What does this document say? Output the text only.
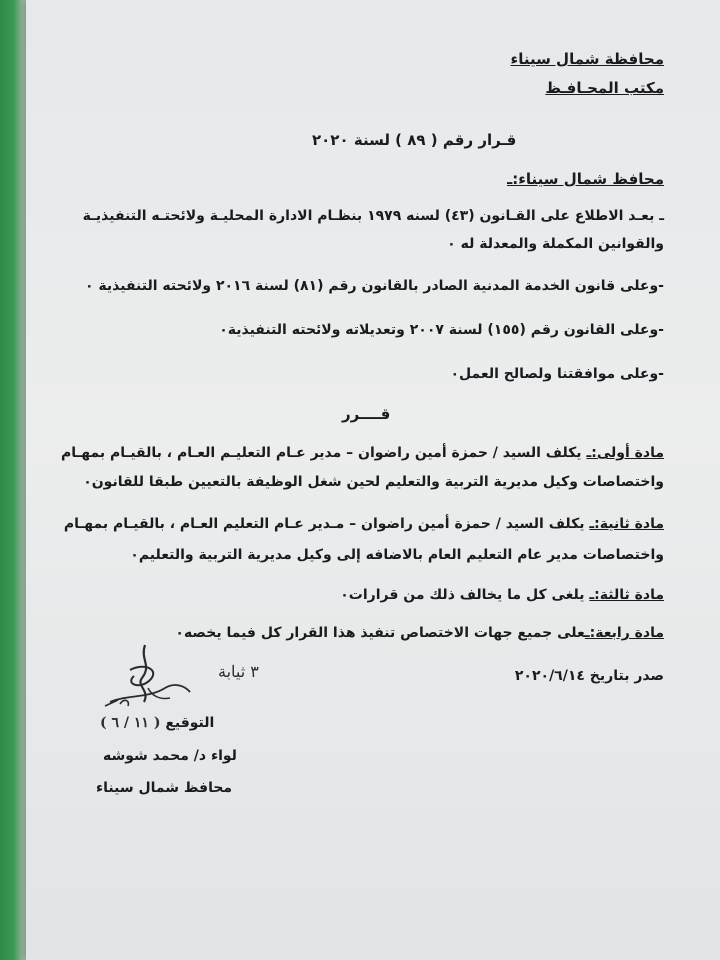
محافظة شمال سيناء
مكتب المحـافـظ
قـرار رقم ( ٨٩ ) لسنة ٢٠٢٠
محافظ شمال سيناء:ـ
ـ بعـد الاطلاع على القـانون (٤٣) لسنه ١٩٧٩ بنظـام الادارة المحليـة ولائحتـه التنفيذيـة
والقوانين المكملة والمعدلة له ٠
-وعلى قانون الخدمة المدنية الصادر بالقانون رقم (٨١) لسنة ٢٠١٦ ولائحته التنفيذية ٠
-وعلى القانون رقم (١٥٥) لسنة ٢٠٠٧ وتعديلاته ولائحته التنفيذية٠
-وعلى موافقتنا ولصالح العمل٠
قــــرر
مادة أولى:ـ يكلف السيد / حمزة أمين راضوان – مدير عـام التعليـم العـام ، بالقيـام بمهـام
واختصاصات وكيل مديرية التربية والتعليم لحين شغل الوظيفة بالتعيين طبقا للقانون٠
مادة ثانية:ـ يكلف السيد / حمزة أمين راضوان – مـدير عـام التعليم العـام ، بالقيـام بمهـام
واختصاصات مدير عام التعليم العام بالاضافه إلى وكيل مديرية التربية والتعليم٠
مادة ثالثة:ـ يلغى كل ما يخالف ذلك من قرارات٠
مادة رابعة:ـعلى جميع جهات الاختصاص تنفيذ هذا القرار كل فيما يخصه٠
صدر بتاريخ ٢٠٢٠/٦/١٤
٣ ثيابة
التوقيع ( ١١ / ٦ )
لواء د/ محمد شوشه
محافظ شمال سيناء
